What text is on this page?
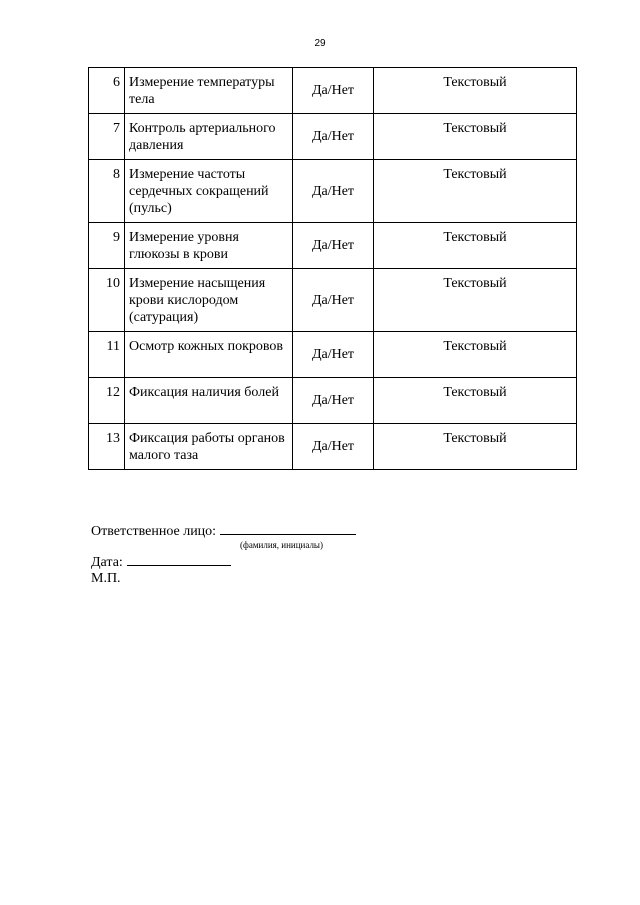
29
6	Измерение температуры тела	Да/Нет	Текстовый
7	Контроль артериального давления	Да/Нет	Текстовый
8	Измерение частоты сердечных сокращений (пульс)	Да/Нет	Текстовый
9	Измерение уровня глюкозы в крови	Да/Нет	Текстовый
10	Измерение насыщения крови кислородом (сатурация)	Да/Нет	Текстовый
11	Осмотр кожных покровов	Да/Нет	Текстовый
12	Фиксация наличия болей	Да/Нет	Текстовый
13	Фиксация работы органов малого таза	Да/Нет	Текстовый
Ответственное лицо:
(фамилия, инициалы)
Дата:
М.П.
